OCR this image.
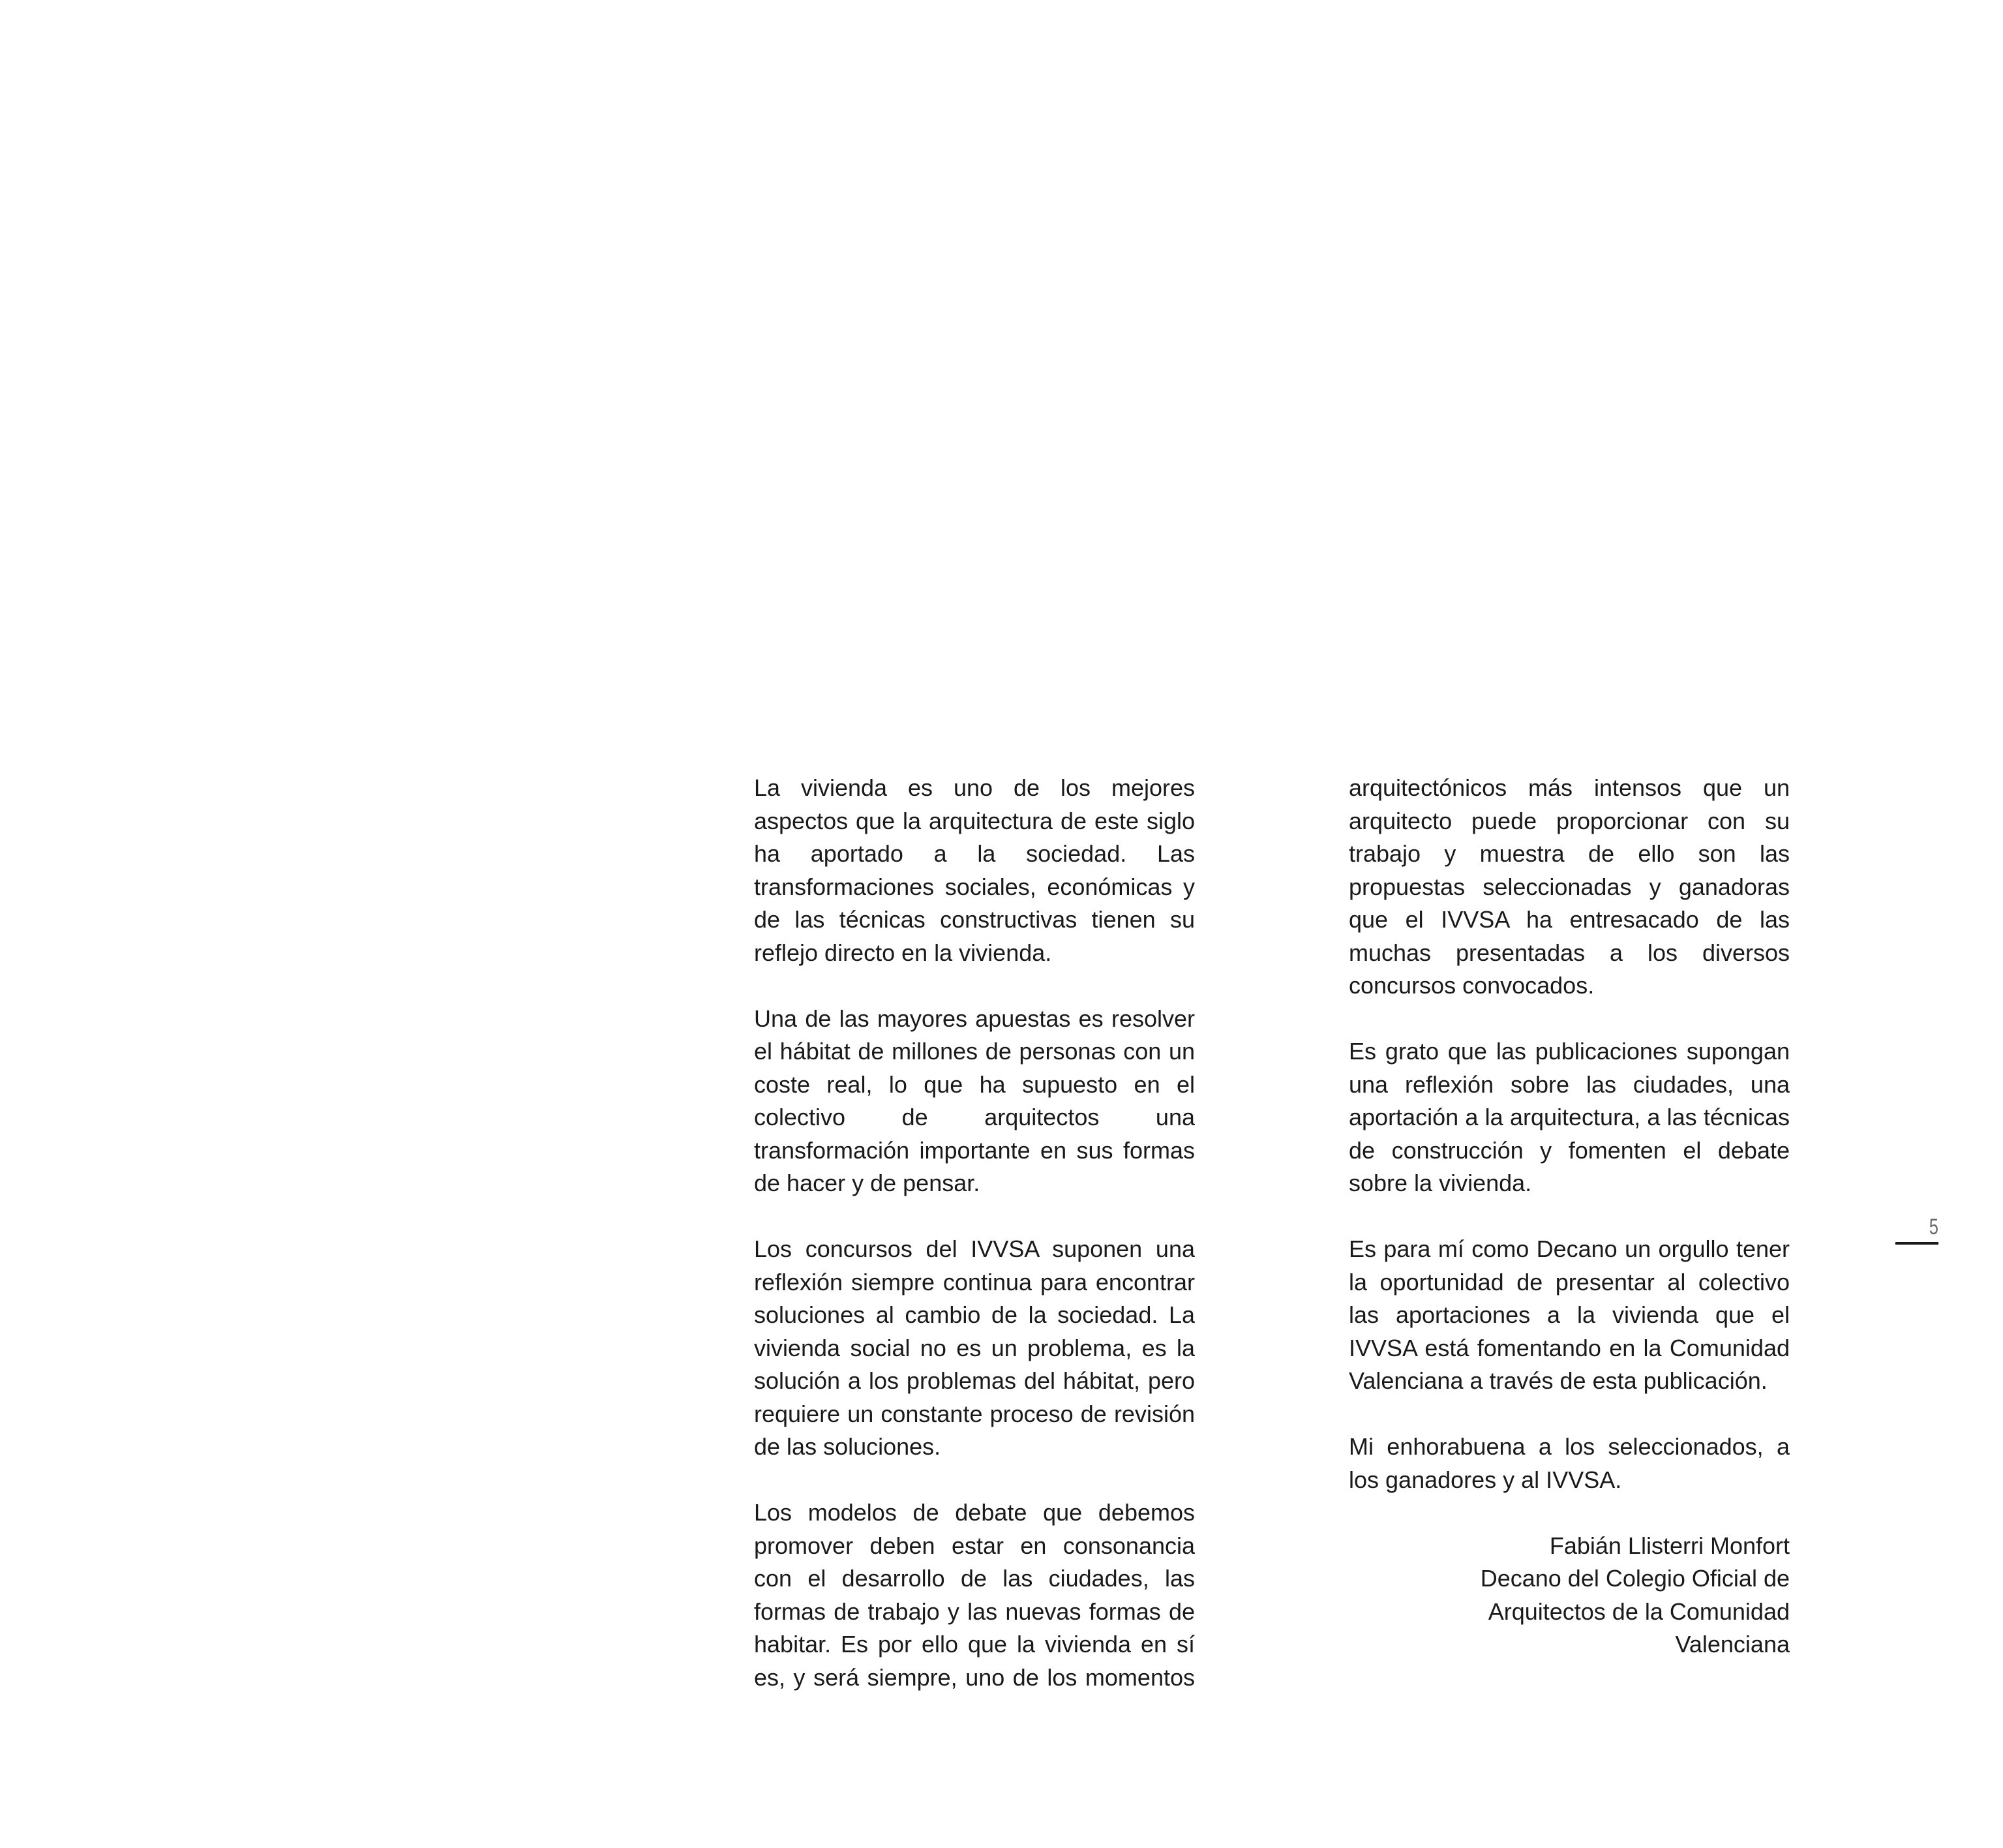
La vivienda es uno de los mejores aspectos que la arquitectura de este siglo ha aportado a la sociedad. Las transformaciones sociales, económicas y de las técnicas constructivas tienen su reflejo directo en la vivienda.

Una de las mayores apuestas es resolver el hábitat de millones de personas con un coste real, lo que ha supuesto en el colectivo de arquitectos una transformación importante en sus formas de hacer y de pensar.

Los concursos del IVVSA suponen una reflexión siempre continua para encontrar soluciones al cambio de la sociedad. La vivienda social no es un problema, es la solución a los problemas del hábitat, pero requiere un constante proceso de revisión de las soluciones.

Los modelos de debate que debemos promover deben estar en consonancia con el desarrollo de las ciudades, las formas de trabajo y las nuevas formas de habitar. Es por ello que la vivienda en sí es, y será siempre, uno de los momentos

arquitectónicos más intensos que un arquitecto puede proporcionar con su trabajo y muestra de ello son las propuestas seleccionadas y ganadoras que el IVVSA ha entresacado de las muchas presentadas a los diversos concursos convocados.

Es grato que las publicaciones supongan una reflexión sobre las ciudades, una aportación a la arquitectura, a las técnicas de construcción y fomenten el debate sobre la vivienda.

Es para mí como Decano un orgullo tener la oportunidad de presentar al colectivo las aportaciones a la vivienda que el IVVSA está fomentando en la Comunidad Valenciana a través de esta publicación.

Mi enhorabuena a los seleccionados, a los ganadores y al IVVSA.

Fabián Llisterri Monfort
Decano del Colegio Oficial de
Arquitectos de la Comunidad
Valenciana
5
